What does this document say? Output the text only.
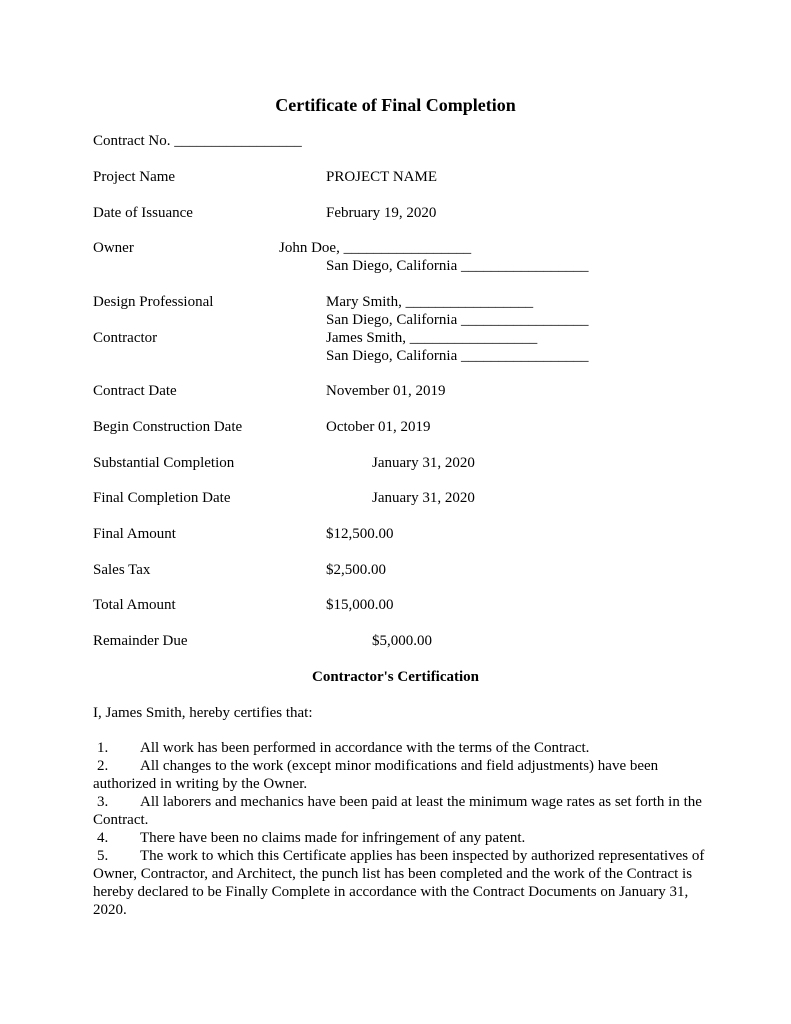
Certificate of Final Completion
Contract No. _________________
Project Name	PROJECT NAME
Date of Issuance	February 19, 2020
Owner	John Doe, _________________
San Diego, California _________________
Design Professional	Mary Smith, _________________
San Diego, California _________________
Contractor	James Smith, _________________
San Diego, California _________________
Contract Date	November 01, 2019
Begin Construction Date	October 01, 2019
Substantial Completion	January 31, 2020
Final Completion Date	January 31, 2020
Final Amount	$12,500.00
Sales Tax	$2,500.00
Total Amount	$15,000.00
Remainder Due	$5,000.00
Contractor's Certification
I, James Smith, hereby certifies that:
1. All work has been performed in accordance with the terms of the Contract.
2. All changes to the work (except minor modifications and field adjustments) have been authorized in writing by the Owner.
3. All laborers and mechanics have been paid at least the minimum wage rates as set forth in the Contract.
4. There have been no claims made for infringement of any patent.
5. The work to which this Certificate applies has been inspected by authorized representatives of Owner, Contractor, and Architect, the punch list has been completed and the work of the Contract is hereby declared to be Finally Complete in accordance with the Contract Documents on January 31, 2020.
